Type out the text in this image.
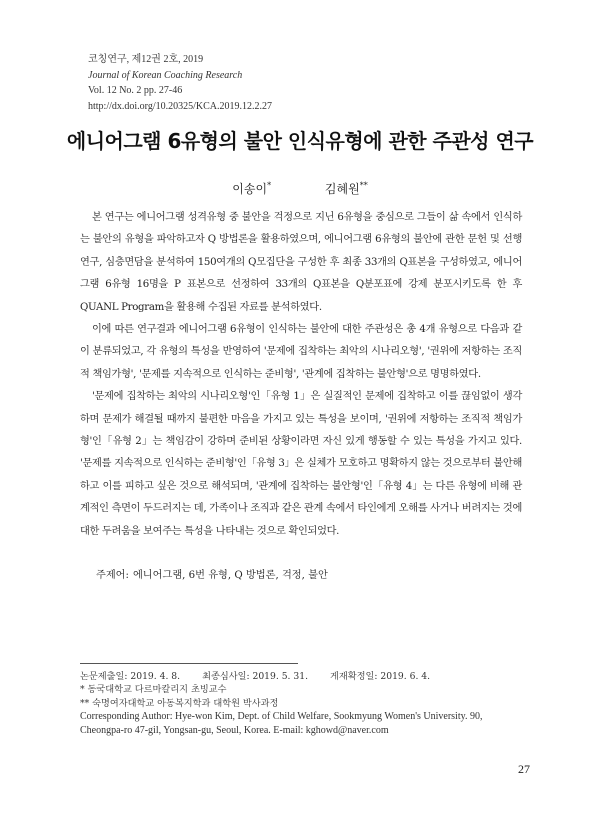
코칭연구, 제12권 2호, 2019
Journal of Korean Coaching Research
Vol. 12 No. 2 pp. 27-46
http://dx.doi.org/10.20325/KCA.2019.12.2.27
에니어그램 6유형의 불안 인식유형에 관한 주관성 연구
이송이*	김혜원**

본 연구는 에니어그램 성격유형 중 불안을 걱정으로 지닌 6유형을 중심으로 그들이 삶 속에서 인식하는 불안의 유형을 파악하고자 Q 방법론을 활용하였으며, 에니어그램 6유형의 불안에 관한 문헌 및 선행연구, 심층면담을 분석하여 150여개의 Q모집단을 구성한 후 최종 33개의 Q표본을 구성하였고, 에니어그램 6유형 16명을 P 표본으로 선정하여 33개의 Q표본을 Q분포표에 강제 분포시키도록 한 후 QUANL Program을 활용해 수집된 자료를 분석하였다.

이에 따른 연구결과 에니어그램 6유형이 인식하는 불안에 대한 주관성은 총 4개 유형으로 다음과 같이 분류되었고, 각 유형의 특성을 반영하여 '문제에 집착하는 최악의 시나리오형', '권위에 저항하는 조직적 책임가형', '문제를 지속적으로 인식하는 준비형', '관계에 집착하는 불안형'으로 명명하였다.

'문제에 집착하는 최악의 시나리오형'인「유형 1」은 실질적인 문제에 집착하고 이를 끊임없이 생각하며 문제가 해결될 때까지 불편한 마음을 가지고 있는 특성을 보이며, '권위에 저항하는 조직적 책임가형'인「유형 2」는 책임감이 강하며 준비된 상황이라면 자신 있게 행동할 수 있는 특성을 가지고 있다. '문제를 지속적으로 인식하는 준비형'인「유형 3」은 실체가 모호하고 명확하지 않는 것으로부터 불안해하고 이를 피하고 싶은 것으로 해석되며, '관계에 집착하는 불안형'인「유형 4」는 다른 유형에 비해 관계적인 측면이 두드러지는 데, 가족이나 조직과 같은 관계 속에서 타인에게 오해를 사거나 버려지는 것에 대한 두려움을 보여주는 특성을 나타내는 것으로 확인되었다.

주제어: 에니어그램, 6번 유형, Q 방법론, 걱정, 불안
논문제출일: 2019. 4. 8. 최종심사일: 2019. 5. 31. 게재확정일: 2019. 6. 4.
* 동국대학교 다르마칼리지 초빙교수
** 숙명여자대학교 아동복지학과 대학원 박사과정
Corresponding Author: Hye-won Kim, Dept. of Child Welfare, Sookmyung Women's University. 90,
Cheongpa-ro 47-gil, Yongsan-gu, Seoul, Korea. E-mail: kghowd@naver.com
27
